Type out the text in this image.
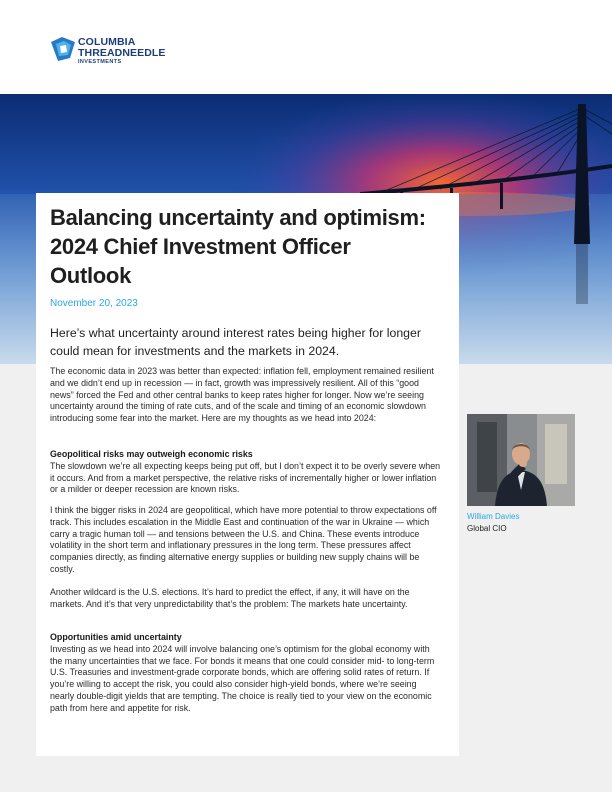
COLUMBIA
THREADNEEDLE
INVESTMENTS
Balancing uncertainty and optimism: 2024 Chief Investment Officer Outlook
November 20, 2023
Here’s what uncertainty around interest rates being higher for longer could mean for investments and the markets in 2024.
The economic data in 2023 was better than expected: inflation fell, employment remained resilient and we didn’t end up in recession — in fact, growth was impressively resilient. All of this “good news” forced the Fed and other central banks to keep rates higher for longer. Now we’re seeing uncertainty around the timing of rate cuts, and of the scale and timing of an economic slowdown introducing some fear into the market. Here are my thoughts as we head into 2024:
Geopolitical risks may outweigh economic risks
The slowdown we’re all expecting keeps being put off, but I don’t expect it to be overly severe when it occurs. And from a market perspective, the relative risks of incrementally higher or lower inflation or a milder or deeper recession are known risks.
I think the bigger risks in 2024 are geopolitical, which have more potential to throw expectations off track. This includes escalation in the Middle East and continuation of the war in Ukraine — which carry a tragic human toll — and tensions between the U.S. and China. These events introduce volatility in the short term and inflationary pressures in the long term. These pressures affect companies directly, as finding alternative energy supplies or building new supply chains will be costly.
Another wildcard is the U.S. elections. It’s hard to predict the effect, if any, it will have on the markets. And it’s that very unpredictability that’s the problem: The markets hate uncertainty.
Opportunities amid uncertainty
Investing as we head into 2024 will involve balancing one’s optimism for the global economy with the many uncertainties that we face. For bonds it means that one could consider mid- to long-term U.S. Treasuries and investment-grade corporate bonds, which are offering solid rates of return. If you’re willing to accept the risk, you could also consider high-yield bonds, where we’re seeing nearly double-digit yields that are tempting. The choice is really tied to your view on the economic path from here and appetite for risk.
William Davies
Global CIO
